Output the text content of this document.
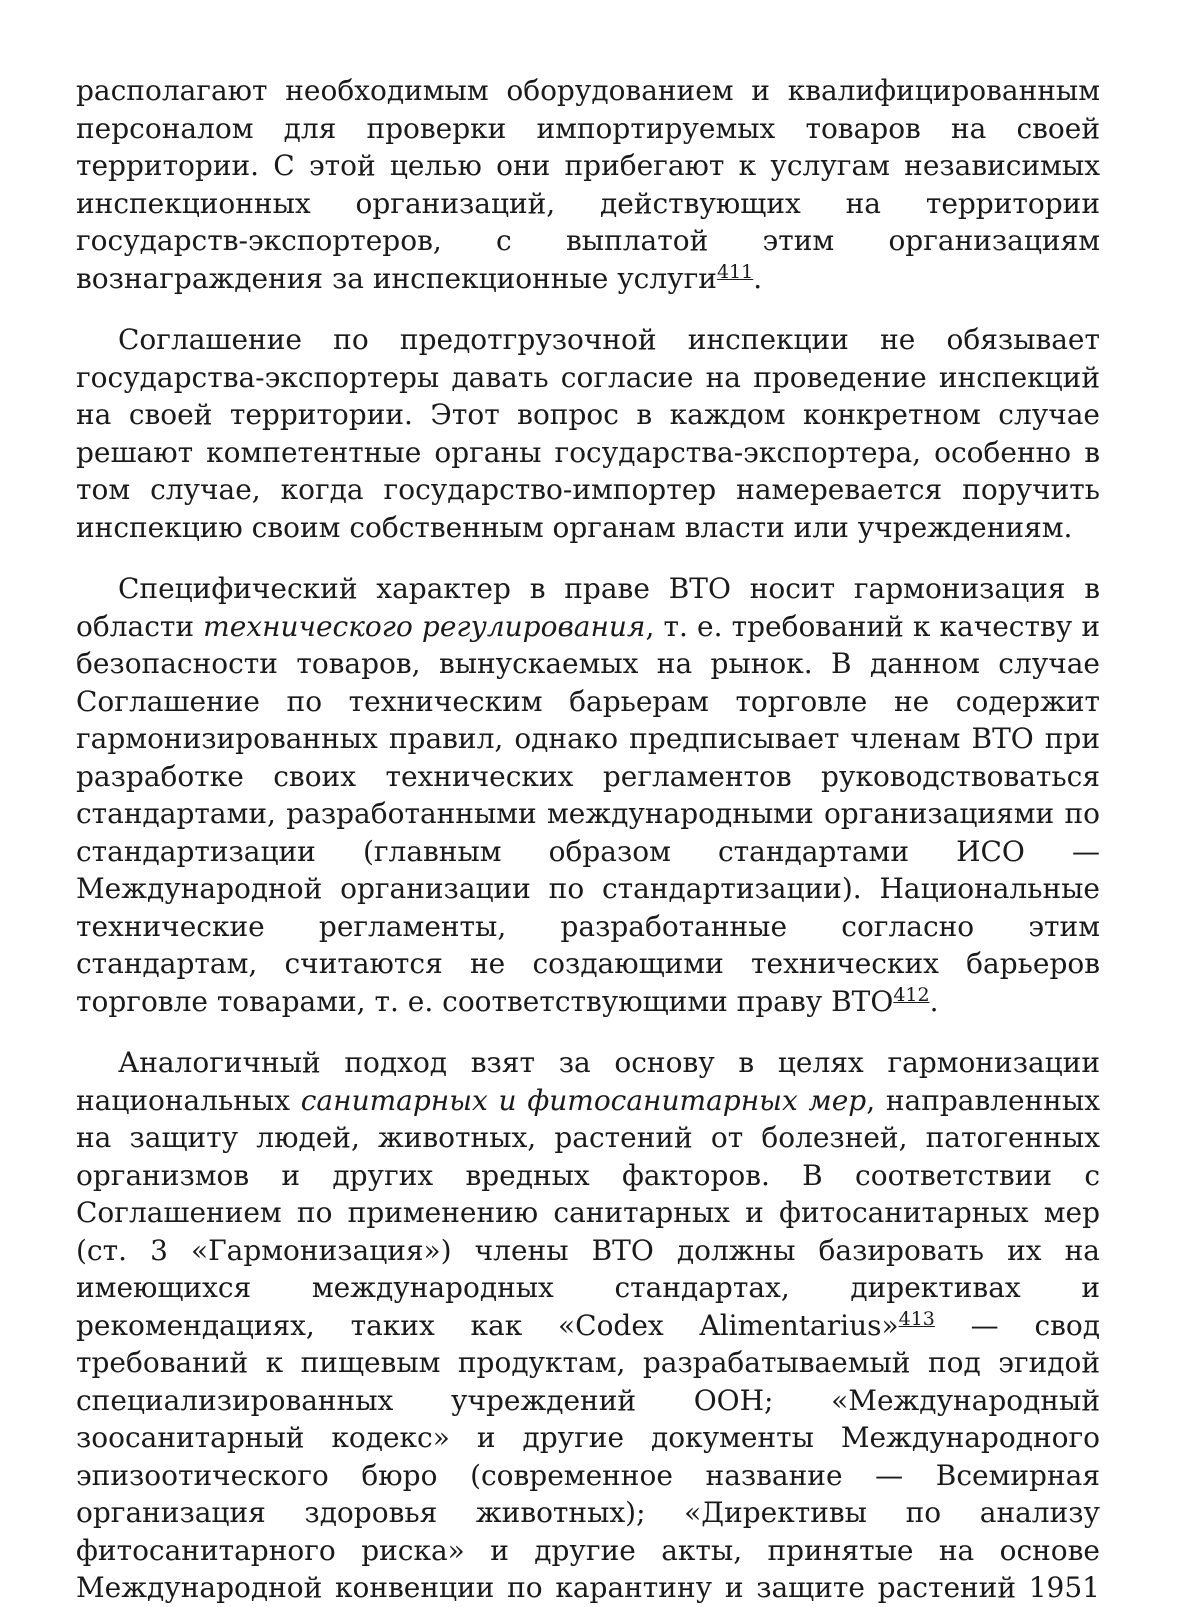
располагают необходимым оборудованием и квалифицированным персоналом для проверки импортируемых товаров на своей территории. С этой целью они прибегают к услугам независимых инспекционных организаций, действующих на территории государств-экспортеров, с выплатой этим организациям вознаграждения за инспекционные услуги$^{411}$.

Соглашение по предотгрузочной инспекции не обязывает государства-экспортеры давать согласие на проведение инспекций на своей территории. Этот вопрос в каждом конкретном случае решают компетентные органы государства-экспортера, особенно в том случае, когда государство-импортер намеревается поручить инспекцию своим собственным органам власти или учреждениям.

Специфический характер в праве ВТО носит гармонизация в области технического регулирования, т. е. требований к качеству и безопасности товаров, вынускаемых на рынок. В данном случае Соглашение по техническим барьерам торговле не содержит гармонизированных правил, однако предписывает членам ВТО при разработке своих технических регламентов руководствоваться стандартами, разработанными международными организациями по стандартизации (главным образом стандартами ИСО — Международной организации по стандартизации). Национальные технические регламенты, разработанные согласно этим стандартам, считаются не создающими технических барьеров торговле товарами, т. е. соответствующими праву ВТО$^{412}$.

Аналогичный подход взят за основу в целях гармонизации национальных санитарных и фитосанитарных мер, направленных на защиту людей, животных, растений от болезней, патогенных организмов и других вредных факторов. В соответствии с Соглашением по применению санитарных и фитосанитарных мер (ст. 3 «Гармонизация») члены ВТО должны базировать их на имеющихся международных стандартах, директивах и рекомендациях, таких как «Codex Alimentarius»$^{413}$ — свод требований к пищевым продуктам, разрабатываемый под эгидой специализированных учреждений ООН; «Международный зоосанитарный кодекс» и другие документы Международного эпизоотического бюро (современное название — Всемирная организация здоровья животных); «Директивы по анализу фитосанитарного риска» и другие акты, принятые на основе Международной конвенции по карантину и защите растений 1951
